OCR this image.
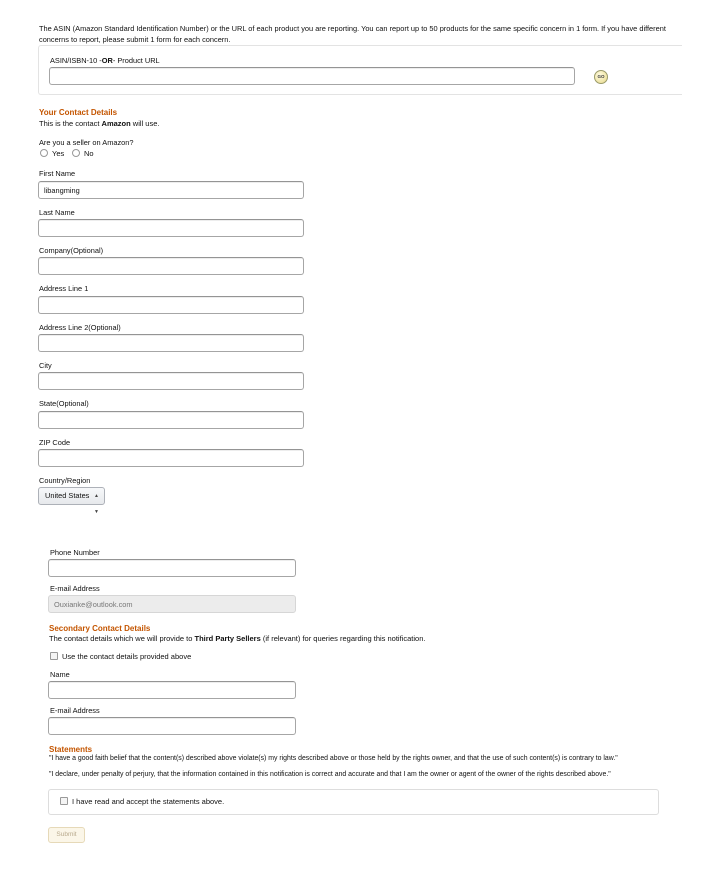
The ASIN (Amazon Standard Identification Number) or the URL of each product you are reporting. You can report up to 50 products for the same specific concern in 1 form. If you have different concerns to report, please submit 1 form for each concern.
ASIN/ISBN-10 -OR- Product URL
GO
Your Contact Details
This is the contact Amazon will use.
Are you a seller on Amazon?
Yes	No
First Name
libangming
Last Name
Company(Optional)
Address Line 1
Address Line 2(Optional)
City
State(Optional)
ZIP Code
Country/Region
United States ▲
▼
Phone Number
E-mail Address
Ouxianke@outlook.com
Secondary Contact Details
The contact details which we will provide to Third Party Sellers (if relevant) for queries regarding this notification.
Use the contact details provided above
Name
E-mail Address
Statements
"I have a good faith belief that the content(s) described above violate(s) my rights described above or those held by the rights owner, and that the use of such content(s) is contrary to law."
"I declare, under penalty of perjury, that the information contained in this notification is correct and accurate and that I am the owner or agent of the owner of the rights described above."
I have read and accept the statements above.
Submit
